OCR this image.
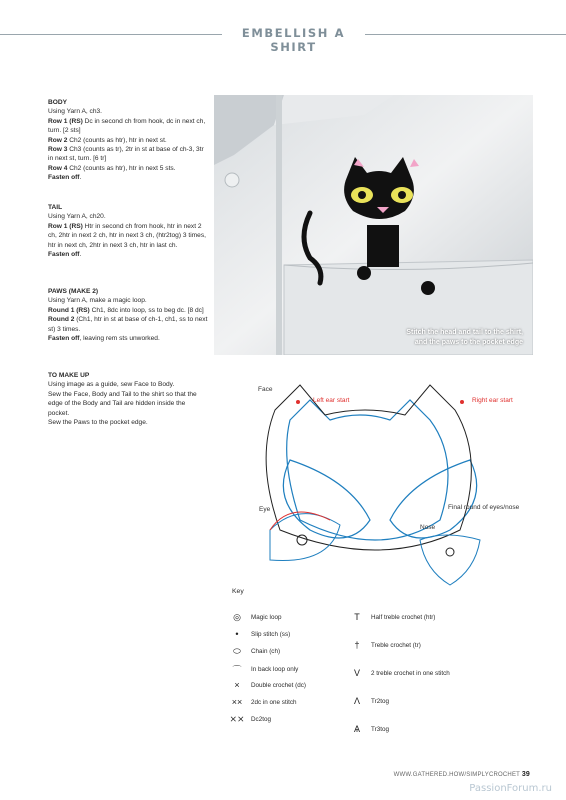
EMBELLISH A SHIRT
BODY

Using Yarn A, ch3.

Row 1 (RS) Dc in second ch from hook, dc in next ch, turn. [2 sts]

Row 2 Ch2 (counts as htr), htr in next st.

Row 3 Ch3 (counts as tr), 2tr in st at base of ch-3, 3tr in next st, turn. [6 tr]

Row 4 Ch2 (counts as htr), htr in next 5 sts.

Fasten off.

TAIL

Using Yarn A, ch20.

Row 1 (RS) Htr in second ch from hook, htr in next 2 ch, 2htr in next 2 ch, htr in next 3 ch, (htr2tog) 3 times, htr in next ch, 2htr in next 3 ch, htr in last ch.

Fasten off.

PAWS (MAKE 2)

Using Yarn A, make a magic loop.

Round 1 (RS) Ch1, 8dc into loop, ss to beg dc. [8 dc]

Round 2 (Ch1, htr in st at base of ch-1, ch1, ss to next st) 3 times.

Fasten off, leaving rem sts unworked.

TO MAKE UP

Using image as a guide, sew Face to Body.

Sew the Face, Body and Tail to the shirt so that the edge of the Body and Tail are hidden inside the pocket.

Sew the Paws to the pocket edge.

Stitch the head and tail to the shirt,
and the paws to the pocket edge
Face
Left ear start	Right ear start
Final round of eyes/nose
Eye
Nose
Key
◎	Magic loop
•	Slip stitch (ss)
⬭	Chain (ch)
⌒	In back loop only
×	Double crochet (dc)
××	2dc in one stitch
⨯⨯ Dc2tog
T	Half treble crochet (htr)
†	Treble crochet (tr)
V	2 treble crochet in one stitch
Λ	Tr2tog
Ѧ	Tr3tog
WWW.GATHERED.HOW/SIMPLYCROCHET 39
PassionForum.ru
